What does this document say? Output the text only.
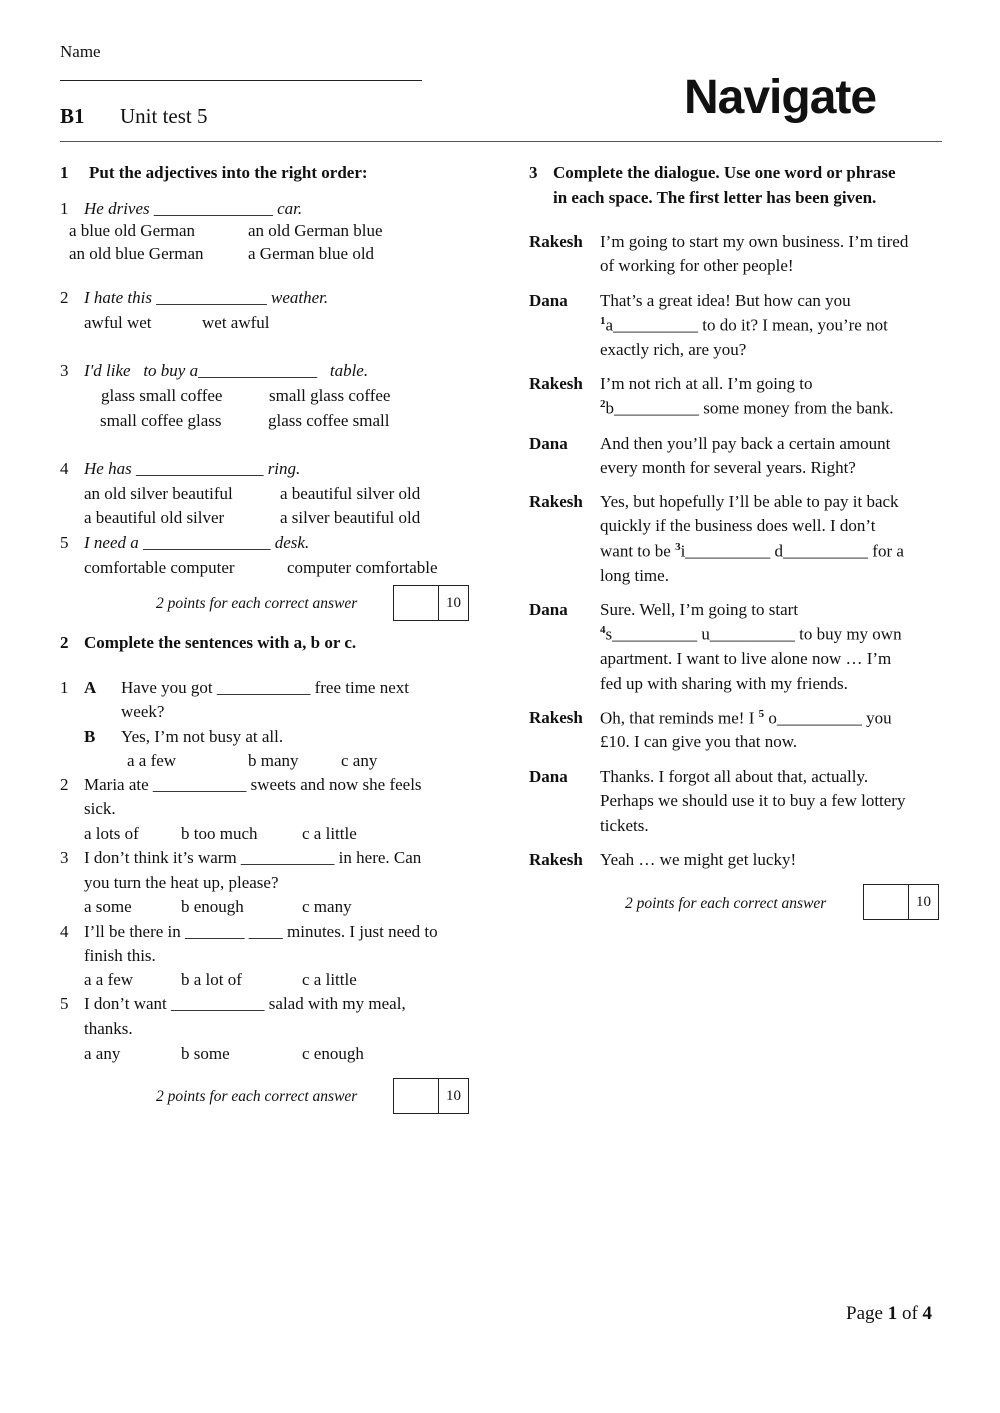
Name
B1 Unit test 5	Navigate
1 Put the adjectives into the right order:
1 He drives ______________ car.
a blue old German	an old German blue
an old blue German	a German blue old
2 I hate this _____________ weather.
awful wet	wet awful
3 I'd like   to buy a______________   table.
glass small coffee	small glass coffee
small coffee glass	glass coffee small
4 He has _______________ ring.
an old silver beautiful	a beautiful silver old
a beautiful old silver	a silver beautiful old
5 I need a _______________ desk.
comfortable computer	computer comfortable
2 points for each correct answer	10
2 Complete the sentences with a, b or c.
1 A Have you got ___________ free time next
week?
B Yes, I’m not busy at all.
a a few	b many c any
2 Maria ate ___________ sweets and now she feels
sick.
a lots of b too much	c a little
3 I don’t think it’s warm ___________ in here. Can
you turn the heat up, please?
a some	b enough	c many
4 I’ll be there in _______ ____ minutes. I just need to
finish this.
a a few	b a lot of	c a little
5 I don’t want ___________ salad with my meal,
thanks.
a any	b some	c enough
2 points for each correct answer	10
3 Complete the dialogue. Use one word or phrase
in each space. The first letter has been given.
Rakesh I’m going to start my own business. I’m tired
of working for other people!
Dana That’s a great idea! But how can you
$^1$a__________ to do it? I mean, you’re not
exactly rich, are you?
Rakesh I’m not rich at all. I’m going to
$^2$b__________ some money from the bank.
Dana And then you’ll pay back a certain amount
every month for several years. Right?
Rakesh Yes, but hopefully I’ll be able to pay it back
quickly if the business does well. I don’t
want to be $^3$i__________ d__________ for a
long time.
Dana Sure. Well, I’m going to start
$^4$s__________ u__________ to buy my own
apartment. I want to live alone now … I’m
fed up with sharing with my friends.
Rakesh Oh, that reminds me! I $^5$ o__________ you
£10. I can give you that now.
Dana Thanks. I forgot all about that, actually.
Perhaps we should use it to buy a few lottery
tickets.
Rakesh Yeah … we might get lucky!
2 points for each correct answer	10
Page 1 of 4
